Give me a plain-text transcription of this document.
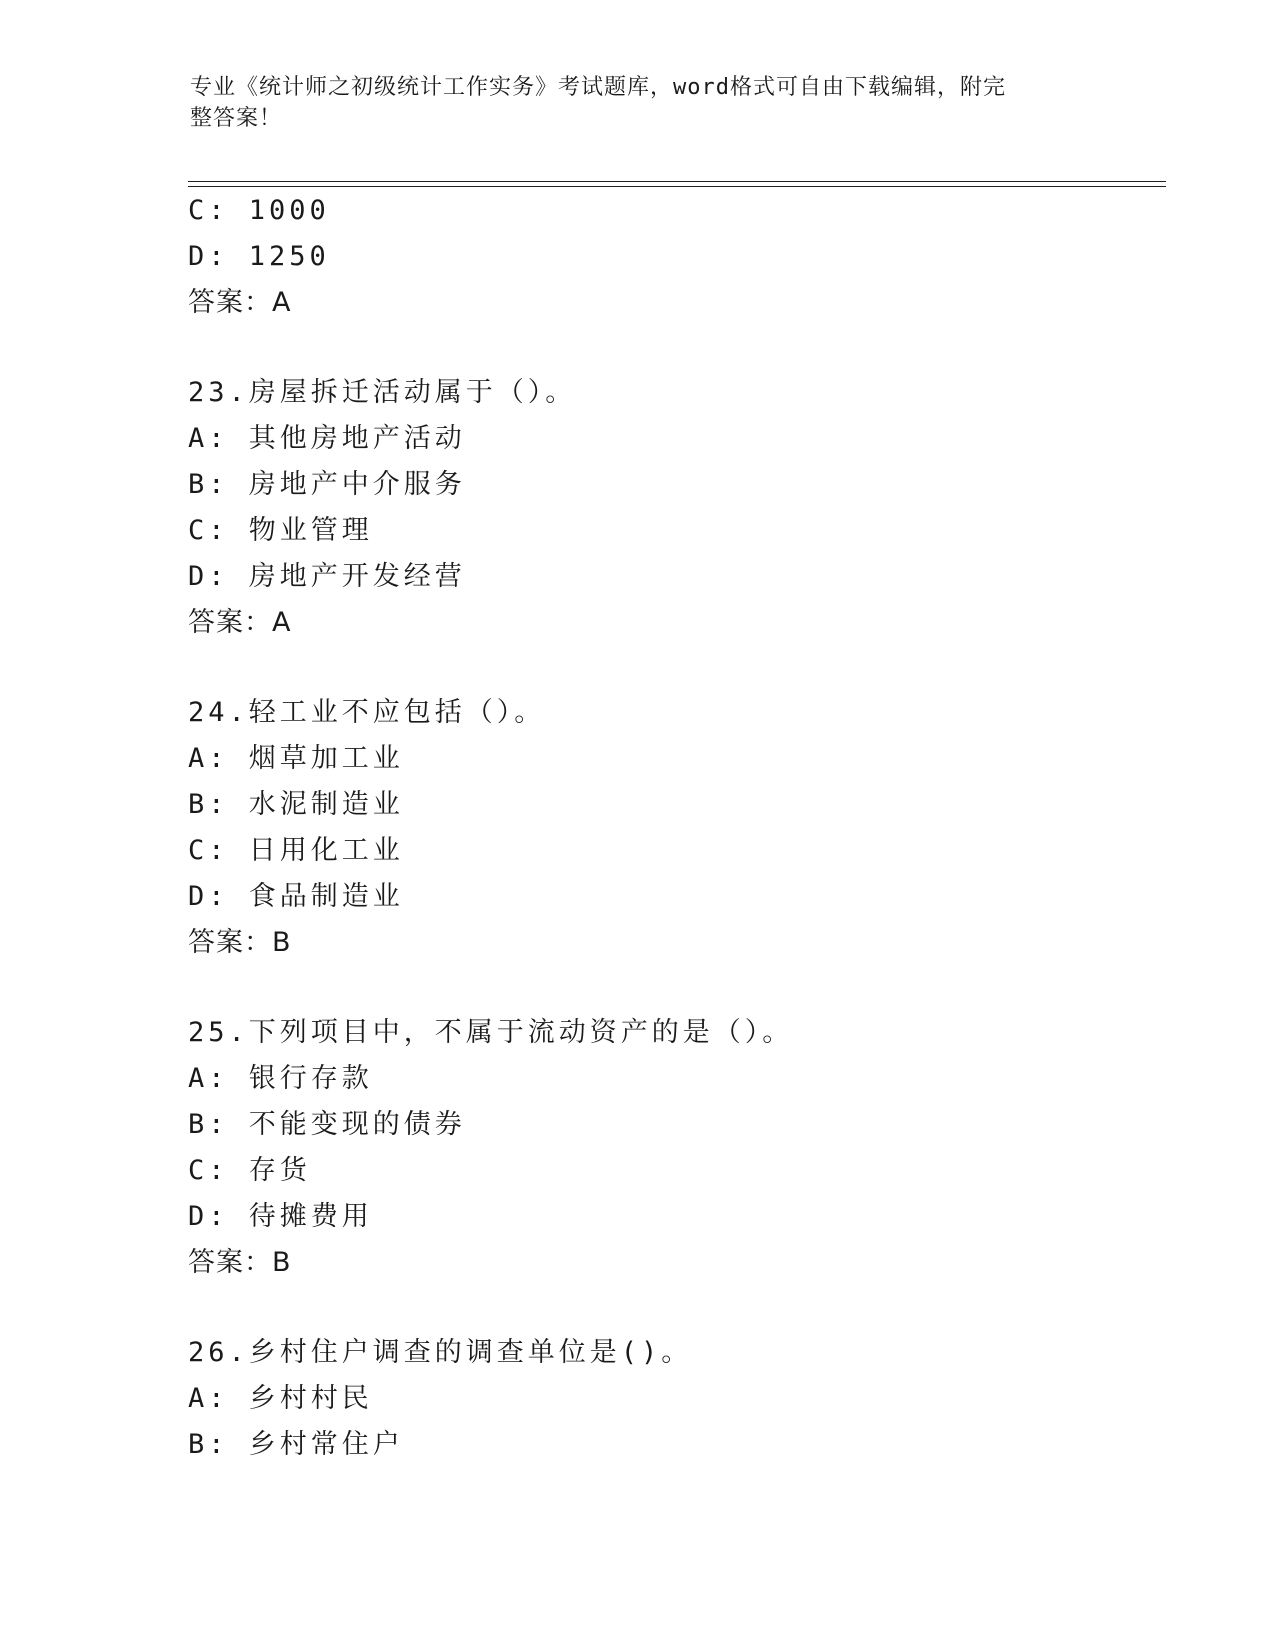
专业《统计师之初级统计工作实务》考试题库，word格式可自由下载编辑，附完
整答案！
C: 1000
D: 1250
答案：A
23.房屋拆迁活动属于（）。
A: 其他房地产活动
B: 房地产中介服务
C: 物业管理
D: 房地产开发经营
答案：A
24.轻工业不应包括（）。
A: 烟草加工业
B: 水泥制造业
C: 日用化工业
D: 食品制造业
答案：B
25.下列项目中，不属于流动资产的是（）。
A: 银行存款
B: 不能变现的债券
C: 存货
D: 待摊费用
答案：B
26.乡村住户调查的调查单位是()。
A: 乡村村民
B: 乡村常住户
